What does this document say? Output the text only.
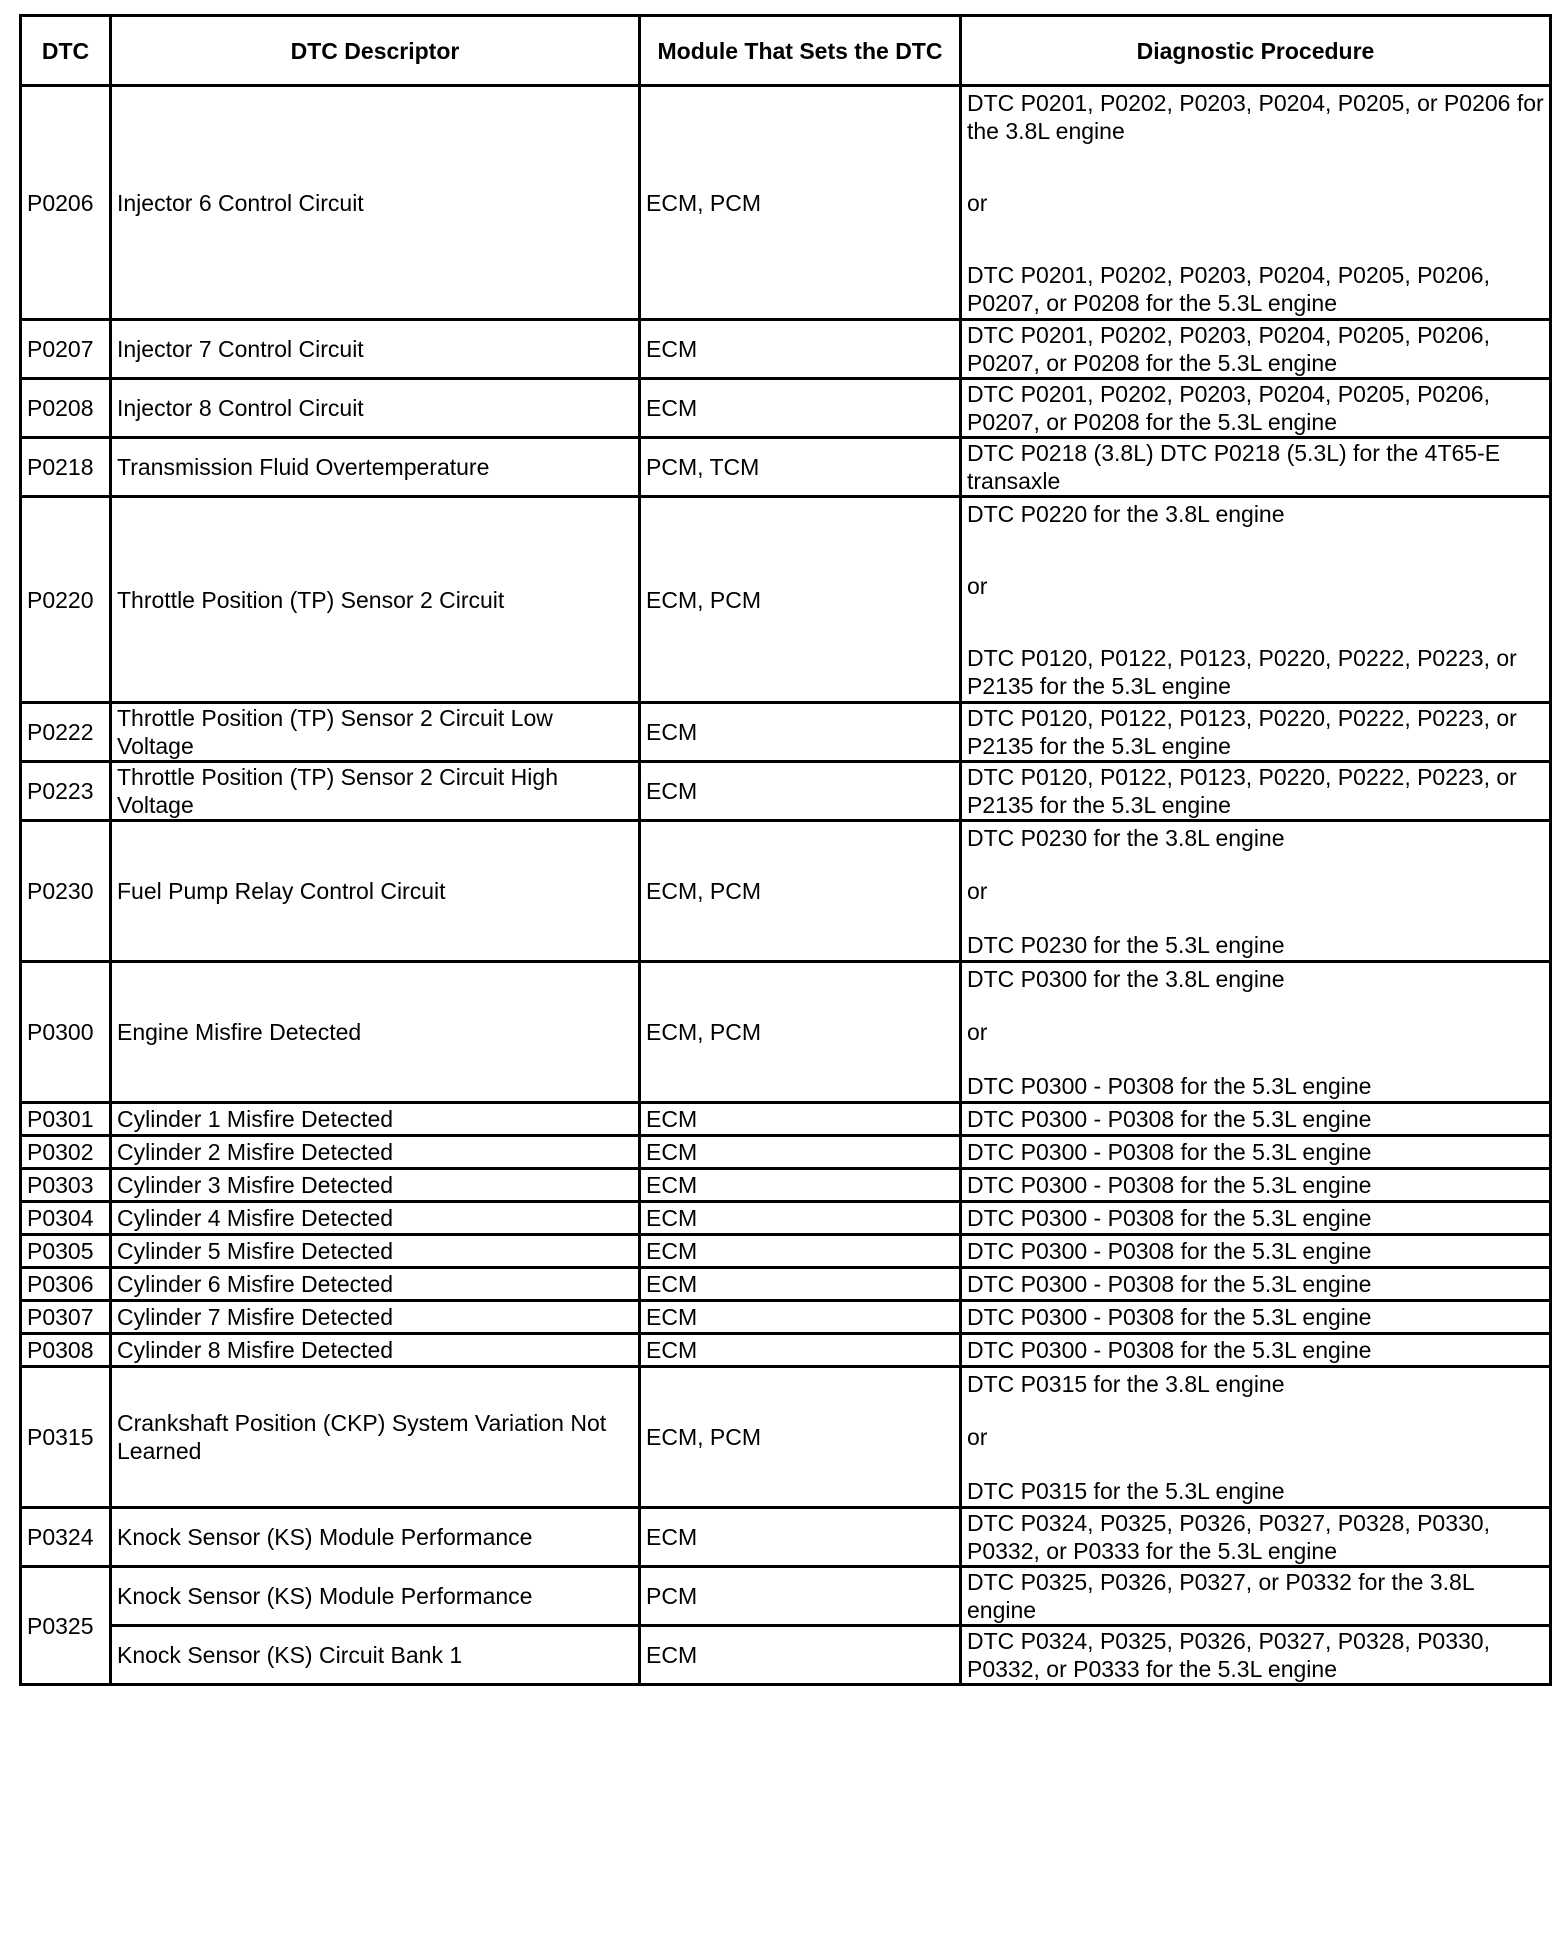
DTC	DTC Descriptor	Module That Sets the DTC	Diagnostic Procedure
P0206	Injector 6 Control Circuit	ECM, PCM	DTC P0201, P0202, P0203, P0204, P0205, or P0206 for the 3.8L engine
or
DTC P0201, P0202, P0203, P0204, P0205, P0206, P0207, or P0208 for the 5.3L engine

P0207	Injector 7 Control Circuit	ECM	DTC P0201, P0202, P0203, P0204, P0205, P0206, P0207, or P0208 for the 5.3L engine

P0208	Injector 8 Control Circuit	ECM	DTC P0201, P0202, P0203, P0204, P0205, P0206, P0207, or P0208 for the 5.3L engine

P0218	Transmission Fluid Overtemperature	PCM, TCM	DTC P0218 (3.8L) DTC P0218 (5.3L) for the 4T65-E transaxle

P0220	Throttle Position (TP) Sensor 2 Circuit	ECM, PCM	DTC P0220 for the 3.8L engine
or
DTC P0120, P0122, P0123, P0220, P0222, P0223, or P2135 for the 5.3L engine

P0222	Throttle Position (TP) Sensor 2 Circuit Low Voltage	ECM	DTC P0120, P0122, P0123, P0220, P0222, P0223, or P2135 for the 5.3L engine

P0223	Throttle Position (TP) Sensor 2 Circuit High Voltage	ECM	DTC P0120, P0122, P0123, P0220, P0222, P0223, or P2135 for the 5.3L engine

P0230	Fuel Pump Relay Control Circuit	ECM, PCM	DTC P0230 for the 3.8L engine
or
DTC P0230 for the 5.3L engine

P0300	Engine Misfire Detected	ECM, PCM	DTC P0300 for the 3.8L engine
or
DTC P0300 - P0308 for the 5.3L engine

P0301	Cylinder 1 Misfire Detected	ECM	DTC P0300 - P0308 for the 5.3L engine

P0302	Cylinder 2 Misfire Detected	ECM	DTC P0300 - P0308 for the 5.3L engine

P0303	Cylinder 3 Misfire Detected	ECM	DTC P0300 - P0308 for the 5.3L engine

P0304	Cylinder 4 Misfire Detected	ECM	DTC P0300 - P0308 for the 5.3L engine

P0305	Cylinder 5 Misfire Detected	ECM	DTC P0300 - P0308 for the 5.3L engine

P0306	Cylinder 6 Misfire Detected	ECM	DTC P0300 - P0308 for the 5.3L engine

P0307	Cylinder 7 Misfire Detected	ECM	DTC P0300 - P0308 for the 5.3L engine

P0308	Cylinder 8 Misfire Detected	ECM	DTC P0300 - P0308 for the 5.3L engine

P0315	Crankshaft Position (CKP) System Variation Not Learned	ECM, PCM	DTC P0315 for the 3.8L engine
or
DTC P0315 for the 5.3L engine

P0324	Knock Sensor (KS) Module Performance	ECM	DTC P0324, P0325, P0326, P0327, P0328, P0330, P0332, or P0333 for the 5.3L engine

P0325	Knock Sensor (KS) Module Performance	PCM	DTC P0325, P0326, P0327, or P0332 for the 3.8L engine

	Knock Sensor (KS) Circuit Bank 1	ECM	DTC P0324, P0325, P0326, P0327, P0328, P0330, P0332, or P0333 for the 5.3L engine
